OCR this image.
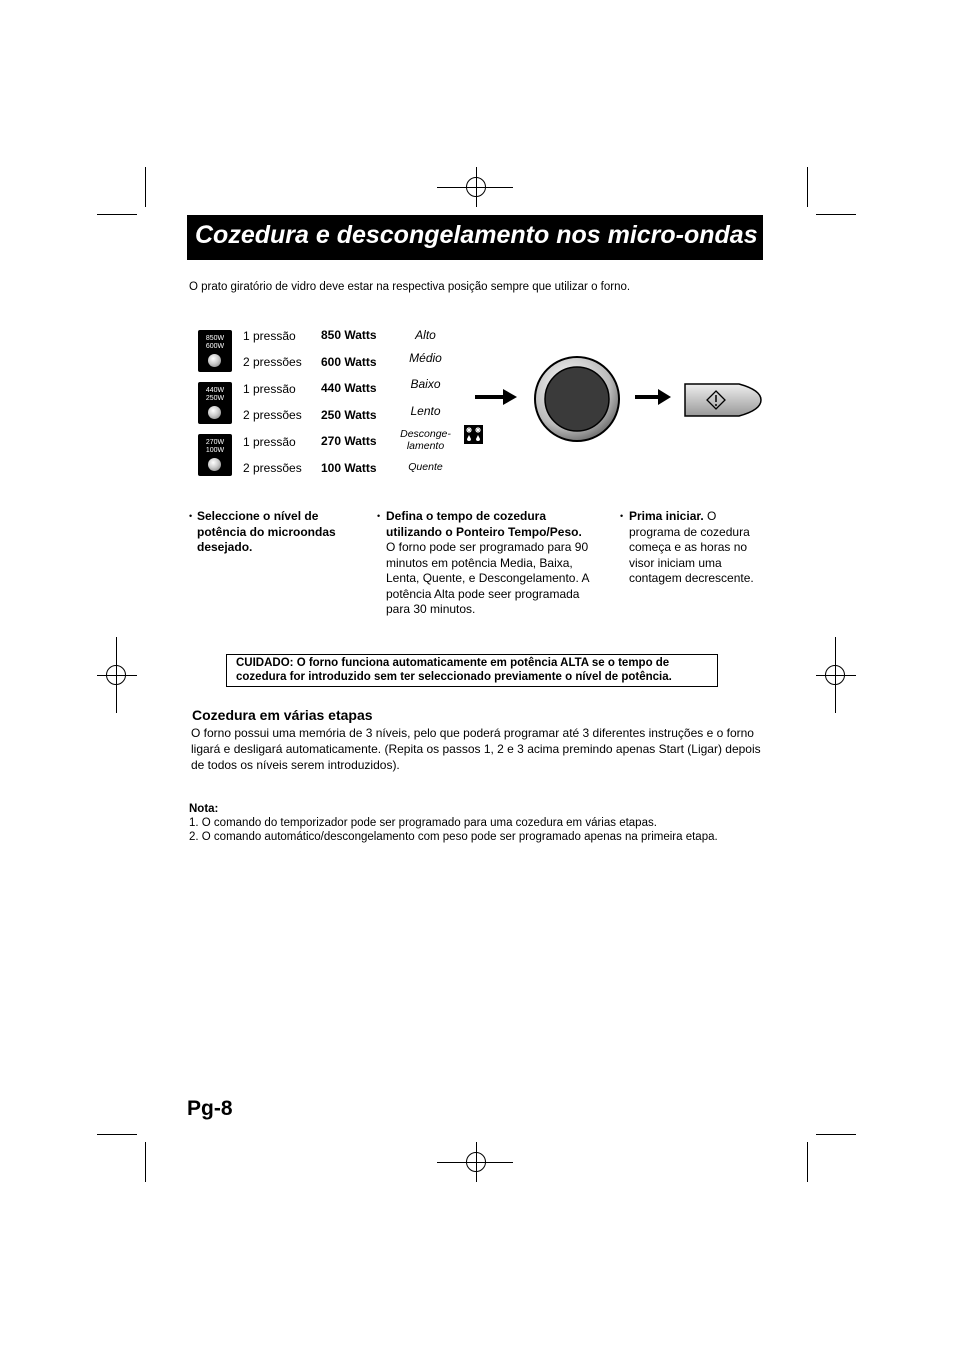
Cozedura e descongelamento nos micro-ondas
O prato giratório de vidro deve estar na respectiva posição sempre que utilizar o forno.
850W
600W
440W
250W
270W
100W
1 pressão 850 Watts	Alto
2 pressões 600 Watts	Médio
1 pressão 440 Watts	Baixo
2 pressões 250 Watts	Lento
1 pressão 270 Watts	Desconge-
lamento
2 pressões 100 Watts	Quente
• Seleccione o nível de potência do microondas desejado.
• Defina o tempo de cozedura utilizando o Ponteiro Tempo/Peso. O forno pode ser programado para 90 minutos em potência Media, Baixa, Lenta, Quente, e Descongelamento. A potência Alta pode seer programada para 30 minutos.
• Prima iniciar. O programa de cozedura começa e as horas no visor iniciam uma contagem decrescente.
CUIDADO: O forno funciona automaticamente em potência ALTA se o tempo de cozedura for introduzido sem ter seleccionado previamente o nível de potência.
Cozedura em várias etapas
O forno possui uma memória de 3 níveis, pelo que poderá programar até 3 diferentes instruções e o forno ligará e desligará automaticamente. (Repita os passos 1, 2 e 3 acima premindo apenas Start (Ligar) depois de todos os níveis serem introduzidos).
Nota:
1. O comando do temporizador pode ser programado para uma cozedura em várias etapas.
2. O comando automático/descongelamento com peso pode ser programado apenas na primeira etapa.
Pg-8
